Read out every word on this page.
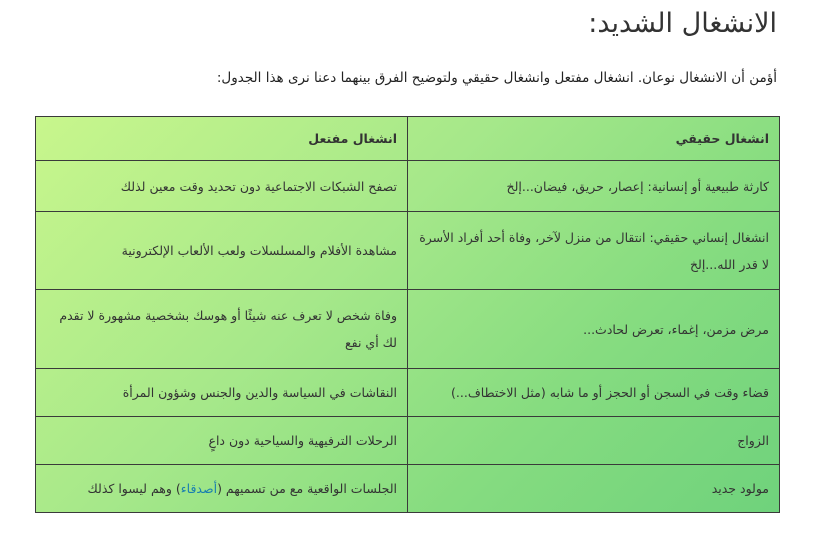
الانشغال الشديد:

أؤمن أن الانشغال نوعان. انشغال مفتعل وانشغال حقيقي ولتوضيح الفرق بينهما دعنا نرى هذا الجدول:

انشغال حقيقي	انشغال مفتعل
كارثة طبيعية أو إنسانية: إعصار، حريق، فيضان...إلخ	تصفح الشبكات الاجتماعية دون تحديد وقت معين لذلك
انشغال إنساني حقيقي: انتقال من منزل لآخر، وفاة أحد أفراد الأسرة لا قدر الله...إلخ	مشاهدة الأفلام والمسلسلات ولعب الألعاب الإلكترونية
مرض مزمن، إغماء، تعرض لحادث...	وفاة شخص لا تعرف عنه شيئًا أو هوسك بشخصية مشهورة لا تقدم لك أي نفع
قضاء وقت في السجن أو الحجز أو ما شابه (مثل الاختطاف...)	النقاشات في السياسة والدين والجنس وشؤون المرأة
الزواج	الرحلات الترفيهية والسياحية دون داعٍ
مولود جديد	الجلسات الواقعية مع من تسميهم (أصدقاء) وهم ليسوا كذلك
